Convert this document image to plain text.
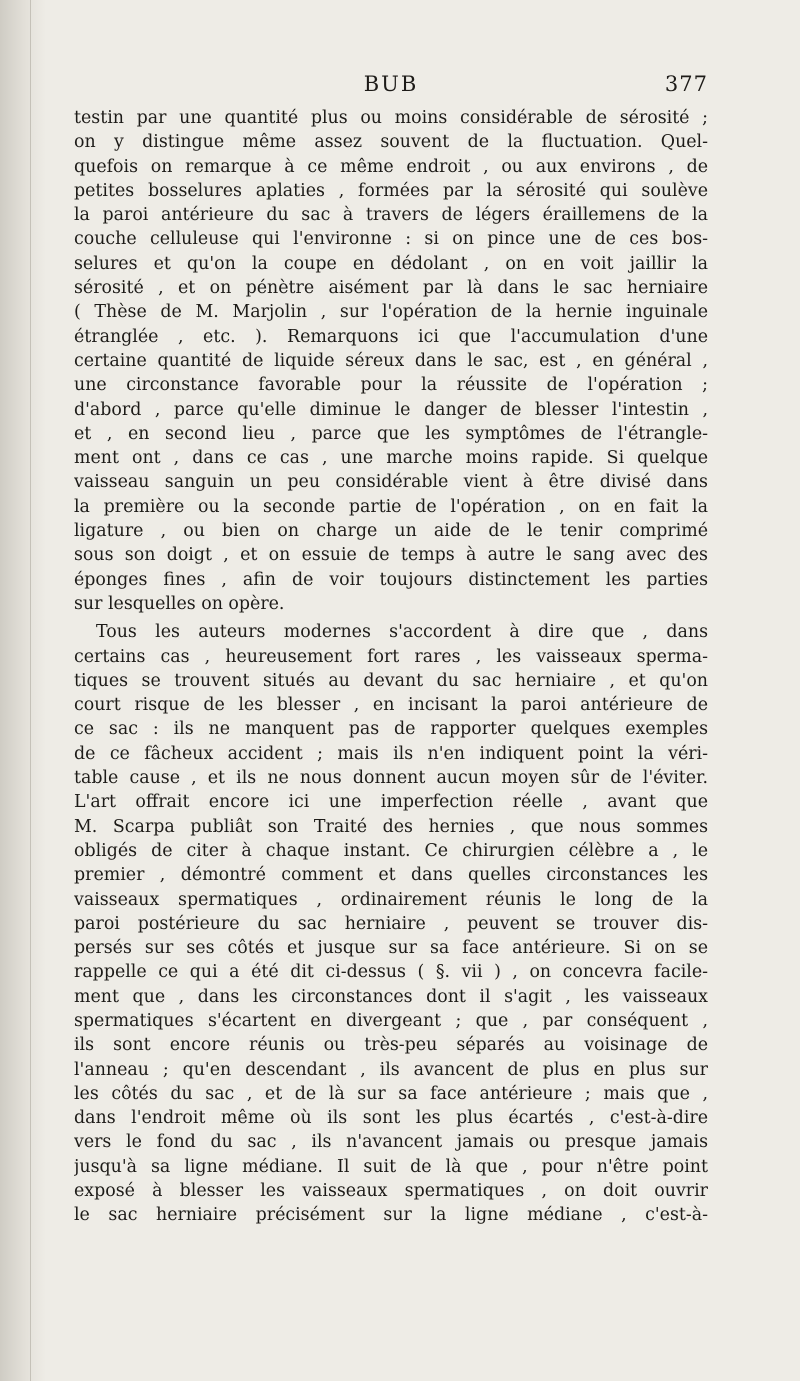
BUB	377
testin par une quantité plus ou moins considérable de sérosité ;
on y distingue même assez souvent de la fluctuation. Quel-
quefois on remarque à ce même endroit , ou aux environs , de
petites bosselures aplaties , formées par la sérosité qui soulève
la paroi antérieure du sac à travers de légers éraillemens de la
couche celluleuse qui l'environne : si on pince une de ces bos-
selures et qu'on la coupe en dédolant , on en voit jaillir la
sérosité , et on pénètre aisément par là dans le sac herniaire
( Thèse de M. Marjolin , sur l'opération de la hernie inguinale
étranglée , etc. ). Remarquons ici que l'accumulation d'une
certaine quantité de liquide séreux dans le sac, est , en général ,
une circonstance favorable pour la réussite de l'opération ;
d'abord , parce qu'elle diminue le danger de blesser l'intestin ,
et , en second lieu , parce que les symptômes de l'étrangle-
ment ont , dans ce cas , une marche moins rapide. Si quelque
vaisseau sanguin un peu considérable vient à être divisé dans
la première ou la seconde partie de l'opération , on en fait la
ligature , ou bien on charge un aide de le tenir comprimé
sous son doigt , et on essuie de temps à autre le sang avec des
éponges fines , afin de voir toujours distinctement les parties
sur lesquelles on opère.
Tous les auteurs modernes s'accordent à dire que , dans
certains cas , heureusement fort rares , les vaisseaux sperma-
tiques se trouvent situés au devant du sac herniaire , et qu'on
court risque de les blesser , en incisant la paroi antérieure de
ce sac : ils ne manquent pas de rapporter quelques exemples
de ce fâcheux accident ; mais ils n'en indiquent point la véri-
table cause , et ils ne nous donnent aucun moyen sûr de l'éviter.
L'art offrait encore ici une imperfection réelle , avant que
M. Scarpa publiât son Traité des hernies , que nous sommes
obligés de citer à chaque instant. Ce chirurgien célèbre a , le
premier , démontré comment et dans quelles circonstances les
vaisseaux spermatiques , ordinairement réunis le long de la
paroi postérieure du sac herniaire , peuvent se trouver dis-
persés sur ses côtés et jusque sur sa face antérieure. Si on se
rappelle ce qui a été dit ci-dessus ( §. vii ) , on concevra facile-
ment que , dans les circonstances dont il s'agit , les vaisseaux
spermatiques s'écartent en divergeant ; que , par conséquent ,
ils sont encore réunis ou très-peu séparés au voisinage de
l'anneau ; qu'en descendant , ils avancent de plus en plus sur
les côtés du sac , et de là sur sa face antérieure ; mais que ,
dans l'endroit même où ils sont les plus écartés , c'est-à-dire
vers le fond du sac , ils n'avancent jamais ou presque jamais
jusqu'à sa ligne médiane. Il suit de là que , pour n'être point
exposé à blesser les vaisseaux spermatiques , on doit ouvrir
le sac herniaire précisément sur la ligne médiane , c'est-à-
